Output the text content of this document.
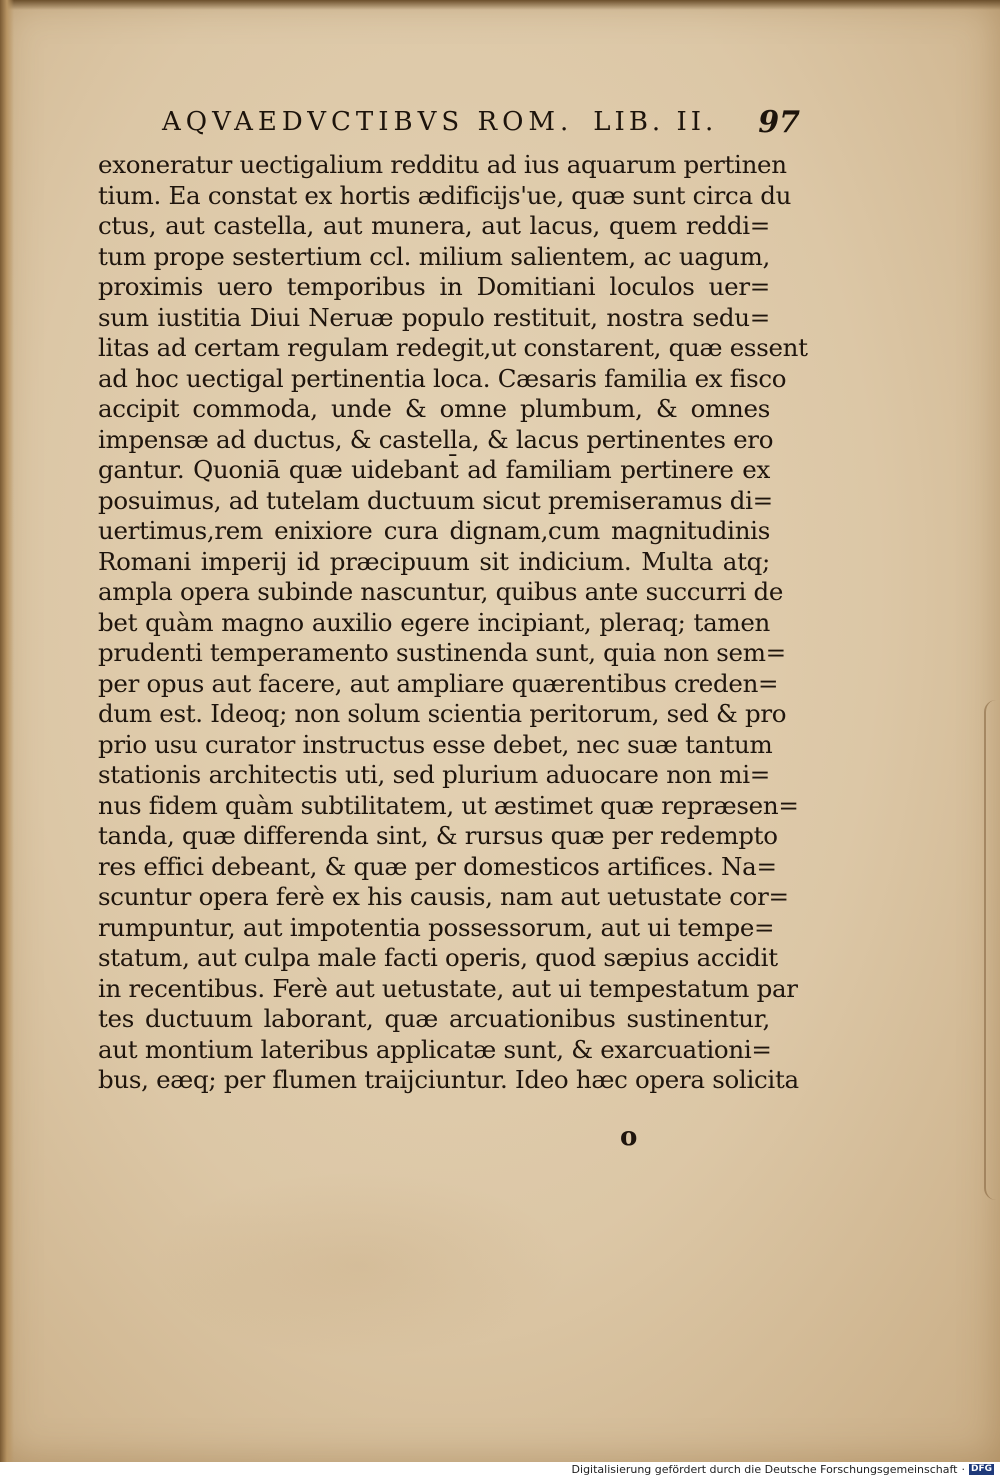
AQVAEDVCTIBVS ROM. LIB. II. 97
exoneratur uectigalium redditu ad ius aquarum pertinen
tium. Ea constat ex hortis ædificijs'ue, quæ sunt circa du
ctus, aut castella, aut munera, aut lacus, quem reddi=
tum prope sestertium ccl. milium salientem, ac uagum,
proximis uero temporibus in Domitiani loculos uer=
sum iustitia Diui Neruæ populo restituit, nostra sedu=
litas ad certam regulam redegit,ut constarent, quæ essent
ad hoc uectigal pertinentia loca. Cæsaris familia ex fisco
accipit commoda, unde & omne plumbum, & omnes
impensæ ad ductus, & castella, & lacus pertinentes ero
gantur. Quoniā quæ uidebant̄ ad familiam pertinere ex
posuimus, ad tutelam ductuum sicut premiseramus di=
uertimus,rem enixiore cura dignam,cum magnitudinis
Romani imperij id præcipuum sit indicium. Multa atq;
ampla opera subinde nascuntur, quibus ante succurri de
bet quàm magno auxilio egere incipiant, pleraq; tamen
prudenti temperamento sustinenda sunt, quia non sem=
per opus aut facere, aut ampliare quærentibus creden=
dum est. Ideoq; non solum scientia peritorum, sed & pro
prio usu curator instructus esse debet, nec suæ tantum
stationis architectis uti, sed plurium aduocare non mi=
nus fidem quàm subtilitatem, ut æstimet quæ repræsen=
tanda, quæ differenda sint, & rursus quæ per redempto
res effici debeant, & quæ per domesticos artifices. Na=
scuntur opera ferè ex his causis, nam aut uetustate cor=
rumpuntur, aut impotentia possessorum, aut ui tempe=
statum, aut culpa male facti operis, quod sæpius accidit
in recentibus. Ferè aut uetustate, aut ui tempestatum par
tes ductuum laborant, quæ arcuationibus sustinentur,
aut montium lateribus applicatæ sunt, & exarcuationi=
bus, eæq; per flumen traijciuntur. Ideo hæc opera solicita
o
Digitalisierung gefördert durch die Deutsche Forschungsgemeinschaft · DFG
